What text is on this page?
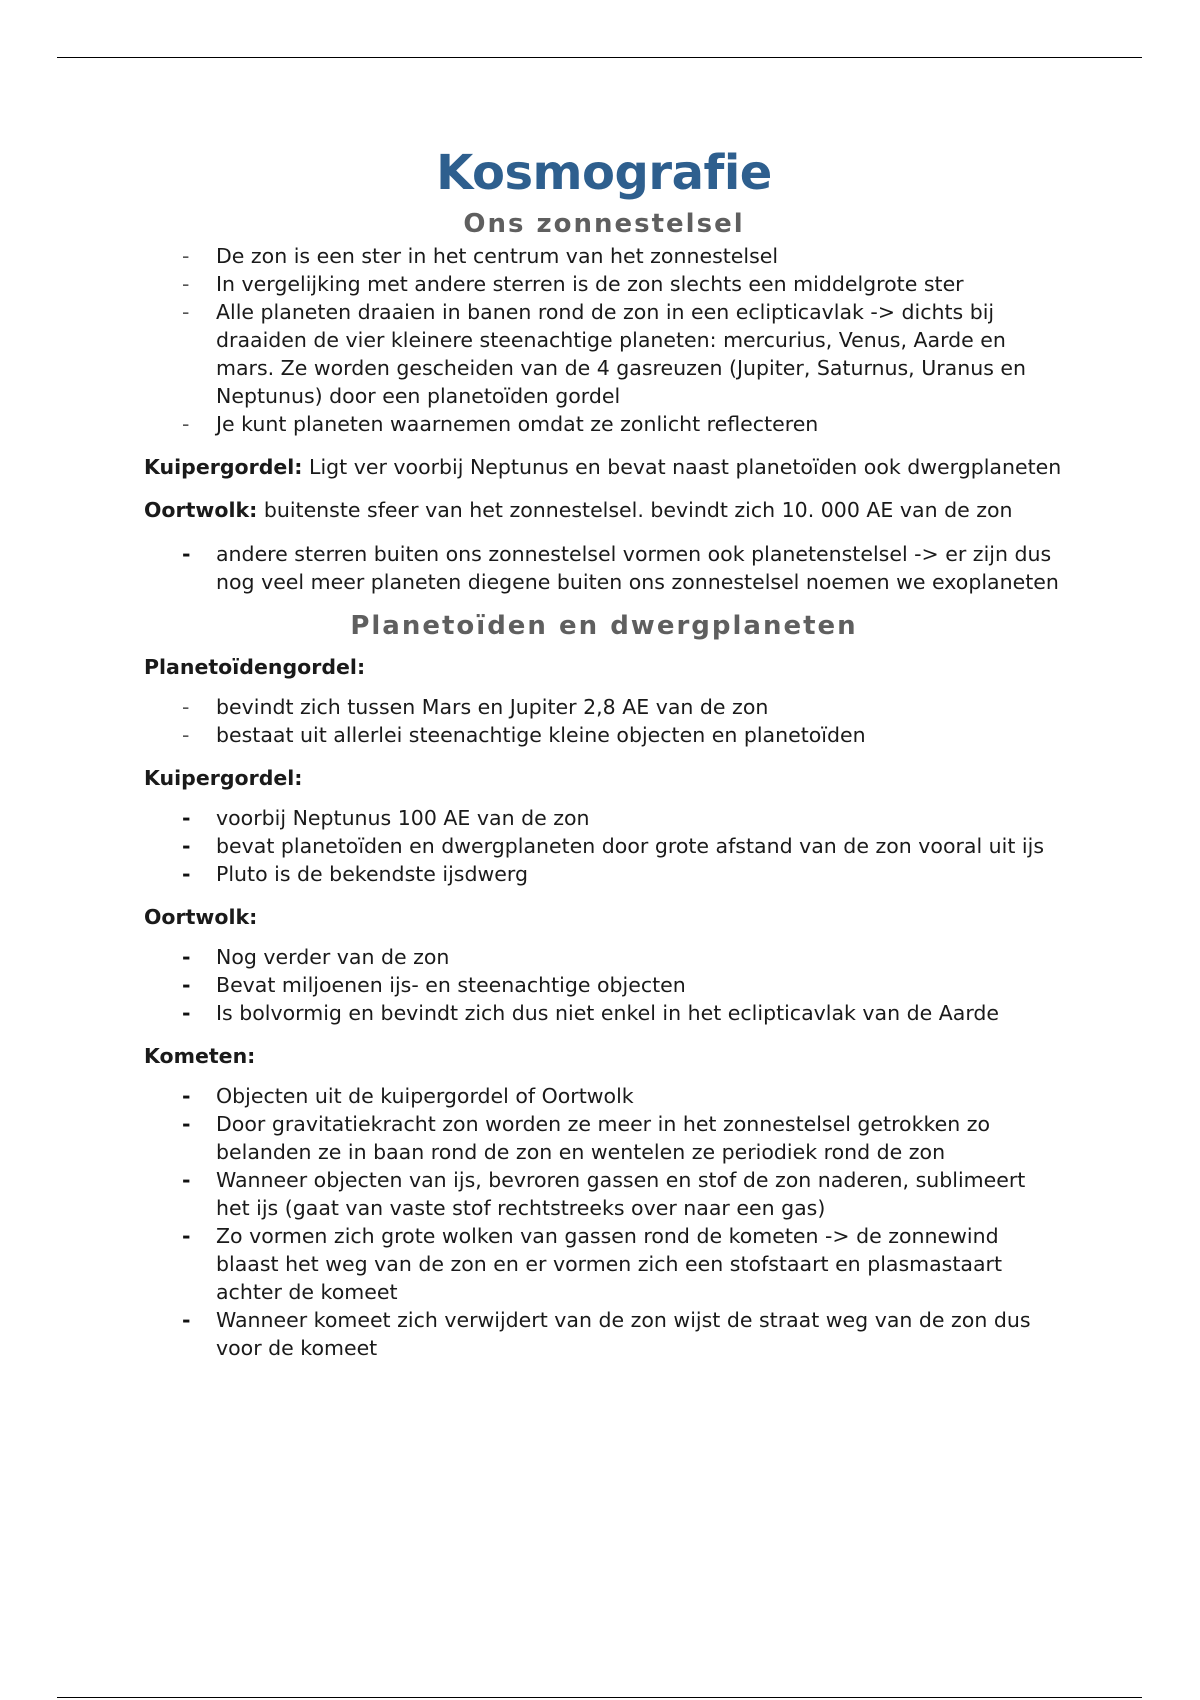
Kosmografie
Ons zonnestelsel
- De zon is een ster in het centrum van het zonnestelsel
- In vergelijking met andere sterren is de zon slechts een middelgrote ster
- Alle planeten draaien in banen rond de zon in een eclipticavlak -> dichts bij draaiden de vier kleinere steenachtige planeten: mercurius, Venus, Aarde en mars. Ze worden gescheiden van de 4 gasreuzen (Jupiter, Saturnus, Uranus en Neptunus) door een planetoïden gordel
- Je kunt planeten waarnemen omdat ze zonlicht reflecteren

Kuipergordel: Ligt ver voorbij Neptunus en bevat naast planetoïden ook dwergplaneten

Oortwolk: buitenste sfeer van het zonnestelsel. bevindt zich 10. 000 AE van de zon

- andere sterren buiten ons zonnestelsel vormen ook planetenstelsel -> er zijn dus nog veel meer planeten diegene buiten ons zonnestelsel noemen we exoplaneten
Planetoïden en dwergplaneten

Planetoïdengordel:

- bevindt zich tussen Mars en Jupiter 2,8 AE van de zon
- bestaat uit allerlei steenachtige kleine objecten en planetoïden

Kuipergordel:

- voorbij Neptunus 100 AE van de zon
- bevat planetoïden en dwergplaneten door grote afstand van de zon vooral uit ijs
- Pluto is de bekendste ijsdwerg

Oortwolk:

- Nog verder van de zon
- Bevat miljoenen ijs- en steenachtige objecten
- Is bolvormig en bevindt zich dus niet enkel in het eclipticavlak van de Aarde

Kometen:

- Objecten uit de kuipergordel of Oortwolk
- Door gravitatiekracht zon worden ze meer in het zonnestelsel getrokken zo belanden ze in baan rond de zon en wentelen ze periodiek rond de zon
- Wanneer objecten van ijs, bevroren gassen en stof de zon naderen, sublimeert het ijs (gaat van vaste stof rechtstreeks over naar een gas)
- Zo vormen zich grote wolken van gassen rond de kometen -> de zonnewind blaast het weg van de zon en er vormen zich een stofstaart en plasmastaart achter de komeet
- Wanneer komeet zich verwijdert van de zon wijst de straat weg van de zon dus voor de komeet
